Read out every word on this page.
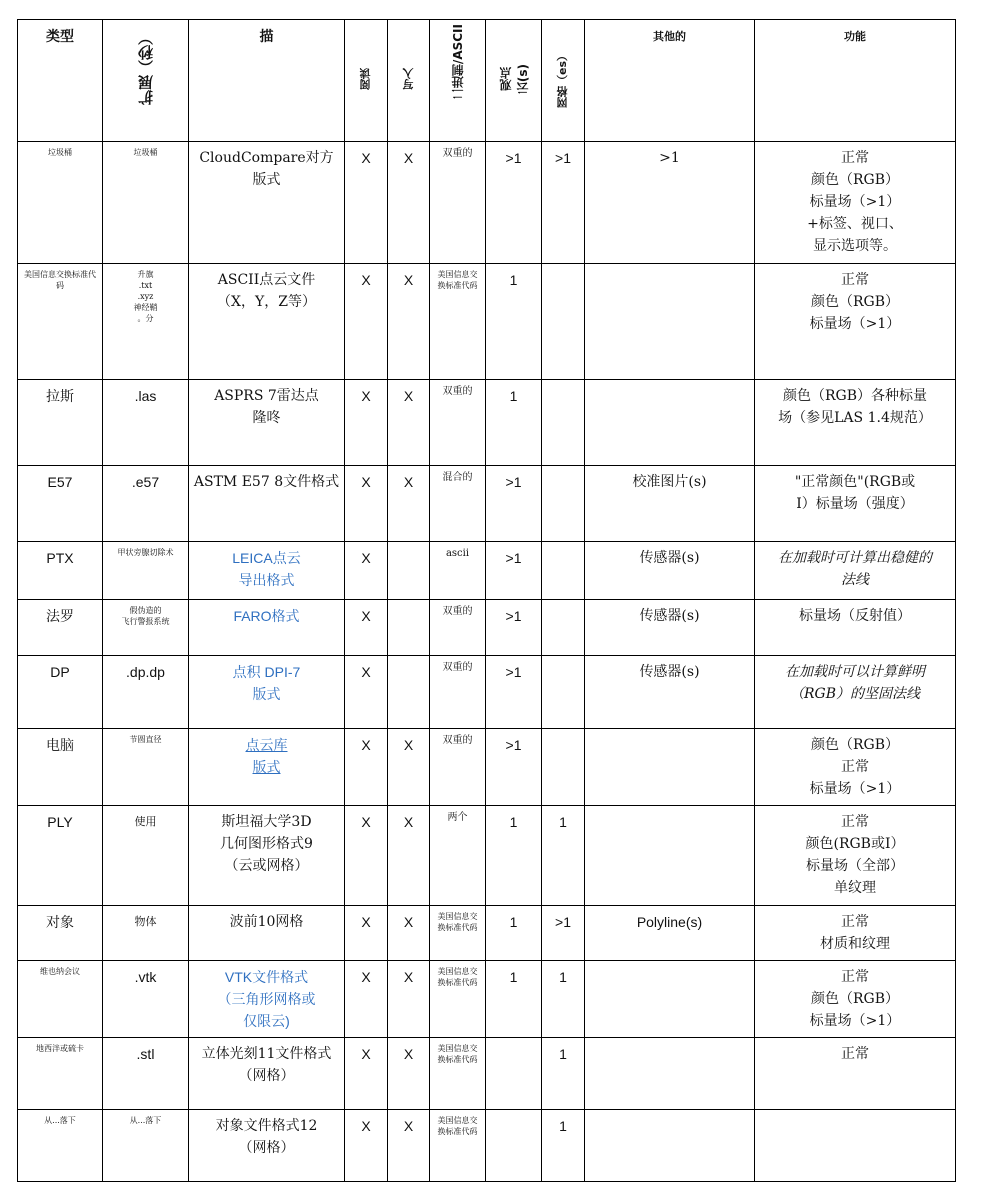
类型	扩展（秒）	描	阅读	写入	二进制/ASCII	观点
云(s)	网格（es）	其他的	功能
垃圾桶	垃圾桶	CloudCompare对方
版式	X	X	双重的	>1	>1	>1	正常
颜色（RGB）
标量场（>1）
+标签、视口、
显示选项等。
美国信息交换标准代码	升旗
.txt
.xyz
神经鞘
。分	ASCII点云文件
（X，Y，Z等）	X	X	美国信息交换标准代码	1			正常
颜色（RGB）
标量场（>1）
拉斯	.las	ASPRS 7雷达点
隆咚	X	X	双重的	1			颜色（RGB）各种标量
场（参见LAS 1.4规范）
E57	.e57	ASTM E57 8文件格式	X	X	混合的	>1		校准图片(s)	"正常颜色"(RGB或
I）标量场（强度）
PTX	甲状旁腺切除术	LEICA点云
导出格式	X		ascii	>1		传感器(s)	在加载时可计算出稳健的
法线
法罗	假伪造的
飞行警报系统	FARO格式	X		双重的	>1		传感器(s)	标量场（反射值）
DP	.dp.dp	点积 DPI-7
版式	X		双重的	>1		传感器(s)	在加载时可以计算鲜明
（RGB）的坚固法线
电脑	节圆直径	点云库
版式	X	X	双重的	>1			颜色（RGB）
正常
标量场（>1）
PLY	使用	斯坦福大学3D
几何图形格式9
（云或网格）	X	X	两个	1	1		正常
颜色(RGB或I）
标量场（全部）
单纹理
对象	物体	波前10网格	X	X	美国信息交换标准代码	1	>1	Polyline(s)	正常
材质和纹理
维也纳会议	.vtk	VTK文件格式
（三角形网格或
仅限云)	X	X	美国信息交换标准代码	1	1		正常
颜色（RGB）
标量场（>1）
地西泮或硫卡	.stl	立体光刻11文件格式
（网格）	X	X	美国信息交换标准代码		1		正常
从...落下	从...落下	对象文件格式12
（网格）	X	X	美国信息交换标准代码		1		
